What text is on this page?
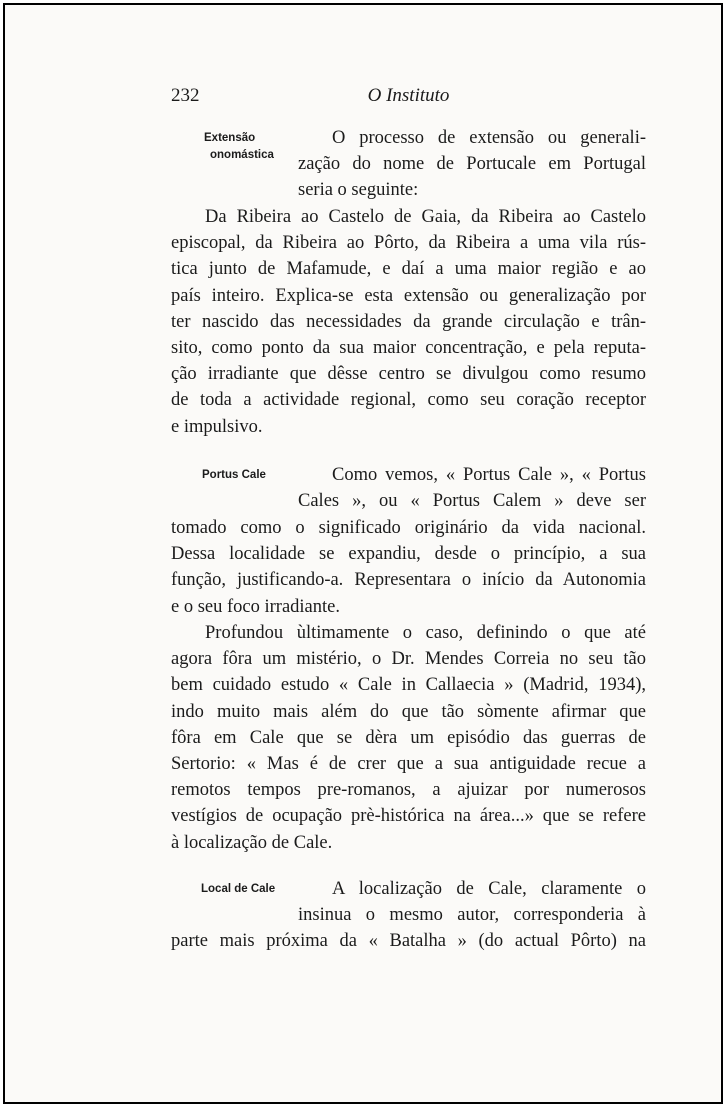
232	O Instituto
Extensão
onomástica
O processo de extensão ou generali-
zação do nome de Portucale em Portugal
seria o seguinte:
Da Ribeira ao Castelo de Gaia, da Ribeira ao Castelo
episcopal, da Ribeira ao Pôrto, da Ribeira a uma vila rús-
tica junto de Mafamude, e daí a uma maior região e ao
país inteiro. Explica-se esta extensão ou generalização por
ter nascido das necessidades da grande circulação e trân-
sito, como ponto da sua maior concentração, e pela reputa-
ção irradiante que dêsse centro se divulgou como resumo
de toda a actividade regional, como seu coração receptor
e impulsivo.
Portus Cale	Como vemos, « Portus Cale », « Portus
Cales », ou « Portus Calem » deve ser
tomado como o significado originário da vida nacional.
Dessa localidade se expandiu, desde o princípio, a sua
função, justificando-a. Representara o início da Autonomia
e o seu foco irradiante.
Profundou ùltimamente o caso, definindo o que até
agora fôra um mistério, o Dr. Mendes Correia no seu tão
bem cuidado estudo « Cale in Callaecia » (Madrid, 1934),
indo muito mais além do que tão sòmente afirmar que
fôra em Cale que se dèra um episódio das guerras de
Sertorio: « Mas é de crer que a sua antiguidade recue a
remotos tempos pre-romanos, a ajuizar por numerosos
vestígios de ocupação prè-histórica na área...» que se refere
à localização de Cale.
Local de Cale	A localização de Cale, claramente o
insinua o mesmo autor, corresponderia à
parte mais próxima da « Batalha » (do actual Pôrto) na
